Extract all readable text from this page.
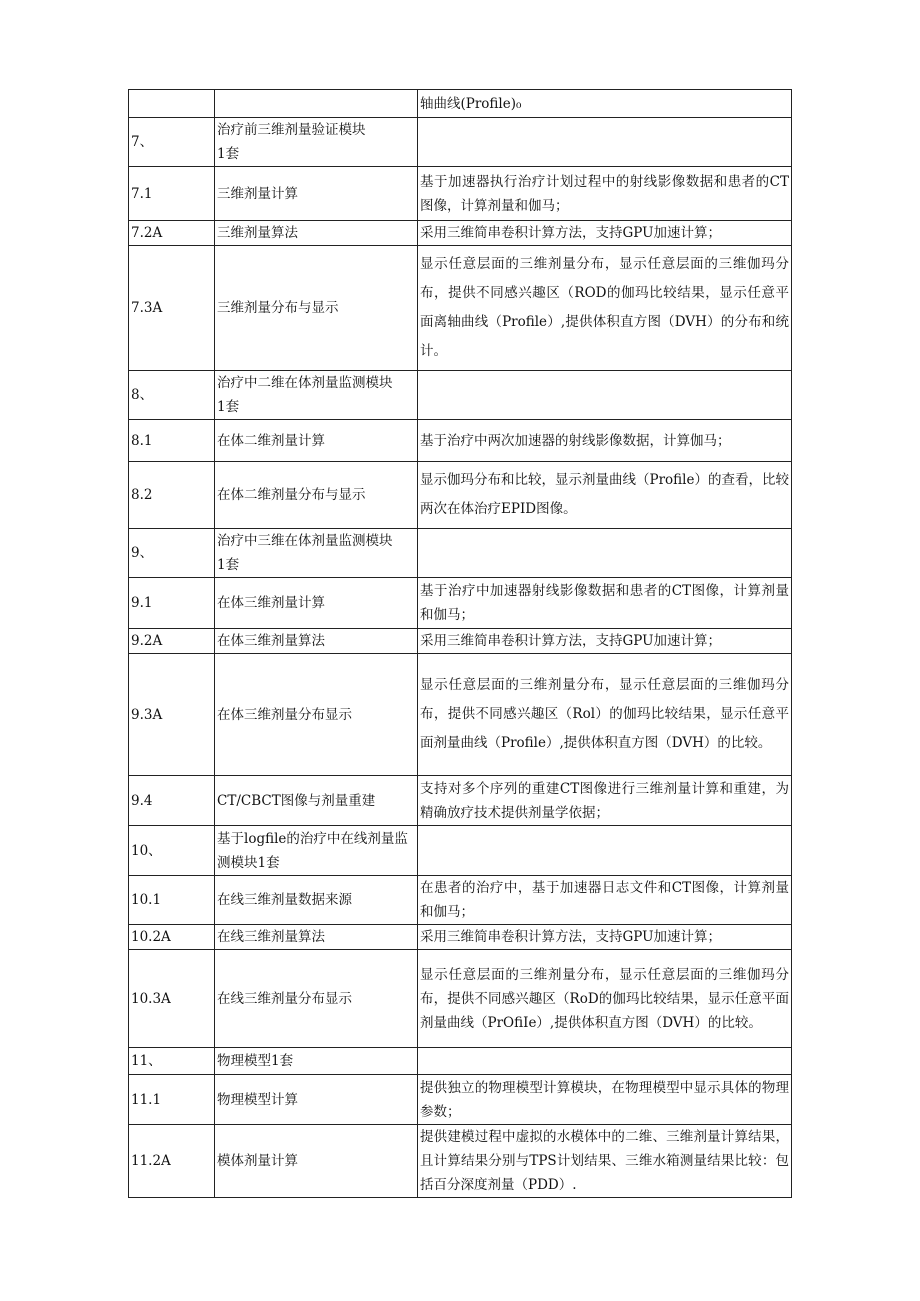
		轴曲线(Profile)₀
7、	治疗前三维剂量验证模块
1套	
7.1	三维剂量计算	基于加速器执行治疗计划过程中的射线影像数据和患者的CT图像，计算剂量和伽马；
7.2A	三维剂量算法	采用三维简串卷积计算方法，支持GPU加速计算；
7.3A	三维剂量分布与显示	显示任意层面的三维剂量分布，显示任意层面的三维伽玛分布，提供不同感兴趣区（ROD的伽玛比较结果，显示任意平面离轴曲线（Profile）,提供体积直方图（DVH）的分布和统计。
8、	治疗中二维在体剂量监测模块
1套	
8.1	在体二维剂量计算	基于治疗中两次加速器的射线影像数据，计算伽马；
8.2	在体二维剂量分布与显示	显示伽玛分布和比较，显示剂量曲线（Profile）的查看，比较两次在体治疗EPID图像。
9、	治疗中三维在体剂量监测模块
1套	
9.1	在体三维剂量计算	基于治疗中加速器射线影像数据和患者的CT图像，计算剂量和伽马；
9.2A	在体三维剂量算法	采用三维简串卷积计算方法，支持GPU加速计算；
9.3A	在体三维剂量分布显示	显示任意层面的三维剂量分布，显示任意层面的三维伽玛分布，提供不同感兴趣区（Rol）的伽玛比较结果，显示任意平面剂量曲线（Profile）,提供体积直方图（DVH）的比较。
9.4	CT/CBCT图像与剂量重建	支持对多个序列的重建CT图像进行三维剂量计算和重建，为精确放疗技术提供剂量学依据；
10、	基于logfile的治疗中在线剂量监测模块1套	
10.1	在线三维剂量数据来源	在患者的治疗中，基于加速器日志文件和CT图像，计算剂量和伽马；
10.2A	在线三维剂量算法	采用三维简串卷积计算方法，支持GPU加速计算；
10.3A	在线三维剂量分布显示	显示任意层面的三维剂量分布，显示任意层面的三维伽玛分布，提供不同感兴趣区（RoD的伽玛比较结果，显示任意平面剂量曲线（PrOfiIe）,提供体积直方图（DVH）的比较。
11、	物理模型1套	
11.1	物理模型计算	提供独立的物理模型计算模块，在物理模型中显示具体的物理参数；
11.2A	模体剂量计算	提供建模过程中虚拟的水模体中的二维、三维剂量计算结果，且计算结果分别与TPS计划结果、三维水箱测量结果比较：包括百分深度剂量（PDD）.
